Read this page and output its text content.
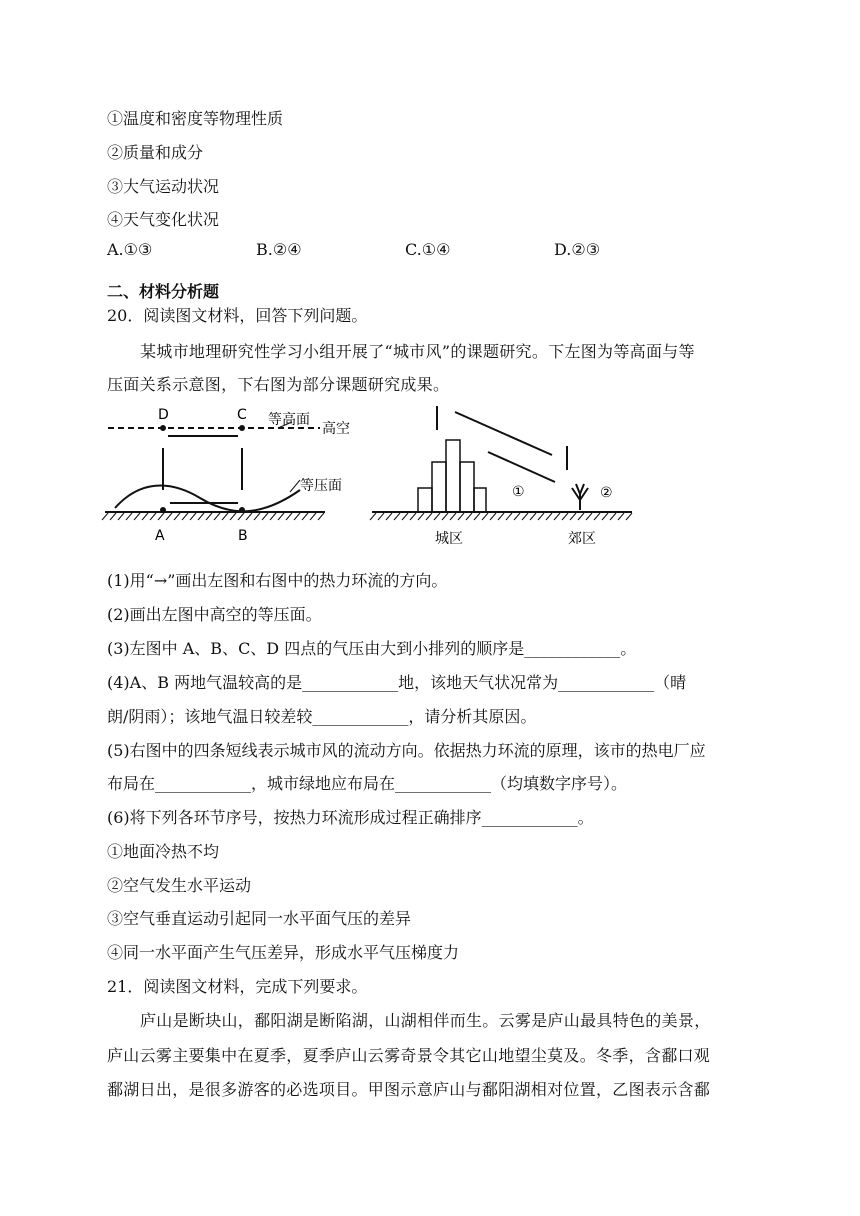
①温度和密度等物理性质
②质量和成分
③大气运动状况
④天气变化状况
A.①③	B.②④	C.①④	D.②③
二、材料分析题
20．阅读图文材料，回答下列问题。
某城市地理研究性学习小组开展了“城市风”的课题研究。下左图为等高面与等
压面关系示意图，下右图为部分课题研究成果。
D	C 等高面
高空
等压面
A	B
①	②
城区	郊区
(1)用“→”画出左图和右图中的热力环流的方向。
(2)画出左图中高空的等压面。
(3)左图中 A、B、C、D 四点的气压由大到小排列的顺序是____________。
(4)A、B 两地气温较高的是____________地，该地天气状况常为____________（晴
朗/阴雨）；该地气温日较差较____________，请分析其原因。
(5)右图中的四条短线表示城市风的流动方向。依据热力环流的原理，该市的热电厂应
布局在____________，城市绿地应布局在____________（均填数字序号）。
(6)将下列各环节序号，按热力环流形成过程正确排序____________。
①地面冷热不均
②空气发生水平运动
③空气垂直运动引起同一水平面气压的差异
④同一水平面产生气压差异，形成水平气压梯度力
21．阅读图文材料，完成下列要求。
庐山是断块山，鄱阳湖是断陷湖，山湖相伴而生。云雾是庐山最具特色的美景，
庐山云雾主要集中在夏季，夏季庐山云雾奇景令其它山地望尘莫及。冬季，含鄱口观
鄱湖日出，是很多游客的必选项目。甲图示意庐山与鄱阳湖相对位置，乙图表示含鄱
